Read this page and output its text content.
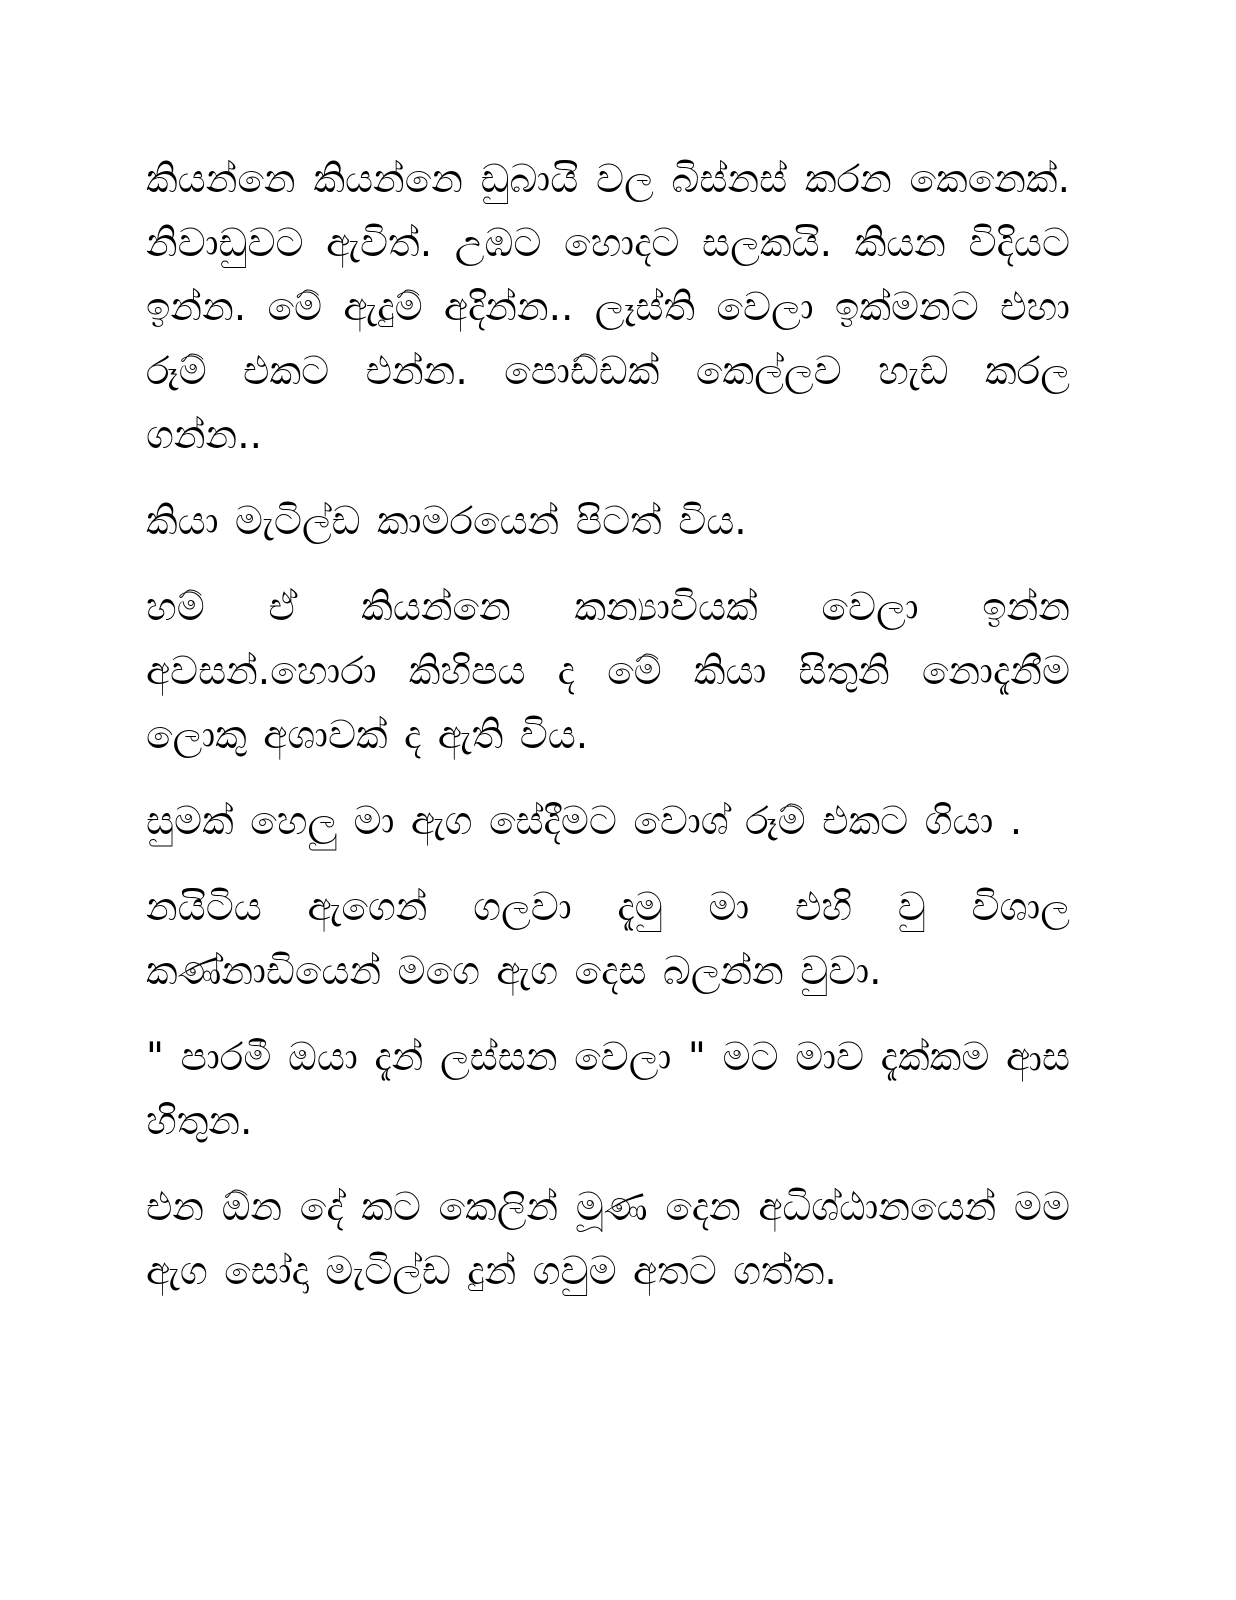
කියන්නෙ කියන්නෙ ඩුබායි වල බිස්නස් කරන කෙනෙක්. නිවාඩුවට ඇවිත්. උඹට හොදට සලකයි. කියන විදියට ඉන්න. මේ ඇදුම් අදින්න.. ලෑස්ති වෙලා ඉක්මනට එහා රූම් එකට එන්න. පොඩ්ඩක් කෙල්ලව හැඩ කරල ගන්න..

කියා මැටිල්ඩ කාමරයෙන් පිටත් විය.

හම් ඒ කියන්නෙ කන්‍යාවියක් වෙලා ඉන්න අවසන්.හොරා කිහිපය ද මේ කියා සිතුනි නොදැනීම ලොකු අශාවක් ද ඇති විය.

සුමක් හෙලු මා ඇග සේදීමට වොශ් රූම් එකට ගියා .

නයිටිය ඇගෙන් ගලවා දැමු මා එහි වු විශාල කණ්නාඩියෙන් මගෙ ඇග දෙස බලන්න වුවා.

" පාරමී ඔයා දැන් ලස්සන වෙලා " මට මාව දැක්කම ආස හිතුන.

එන ඕන දේ කට කෙලින් මූණ දෙන අධිශ්ඨානයෙන් මම ඇග සෝදා මැටිල්ඩ දුන් ගවුම අතට ගත්ත.
